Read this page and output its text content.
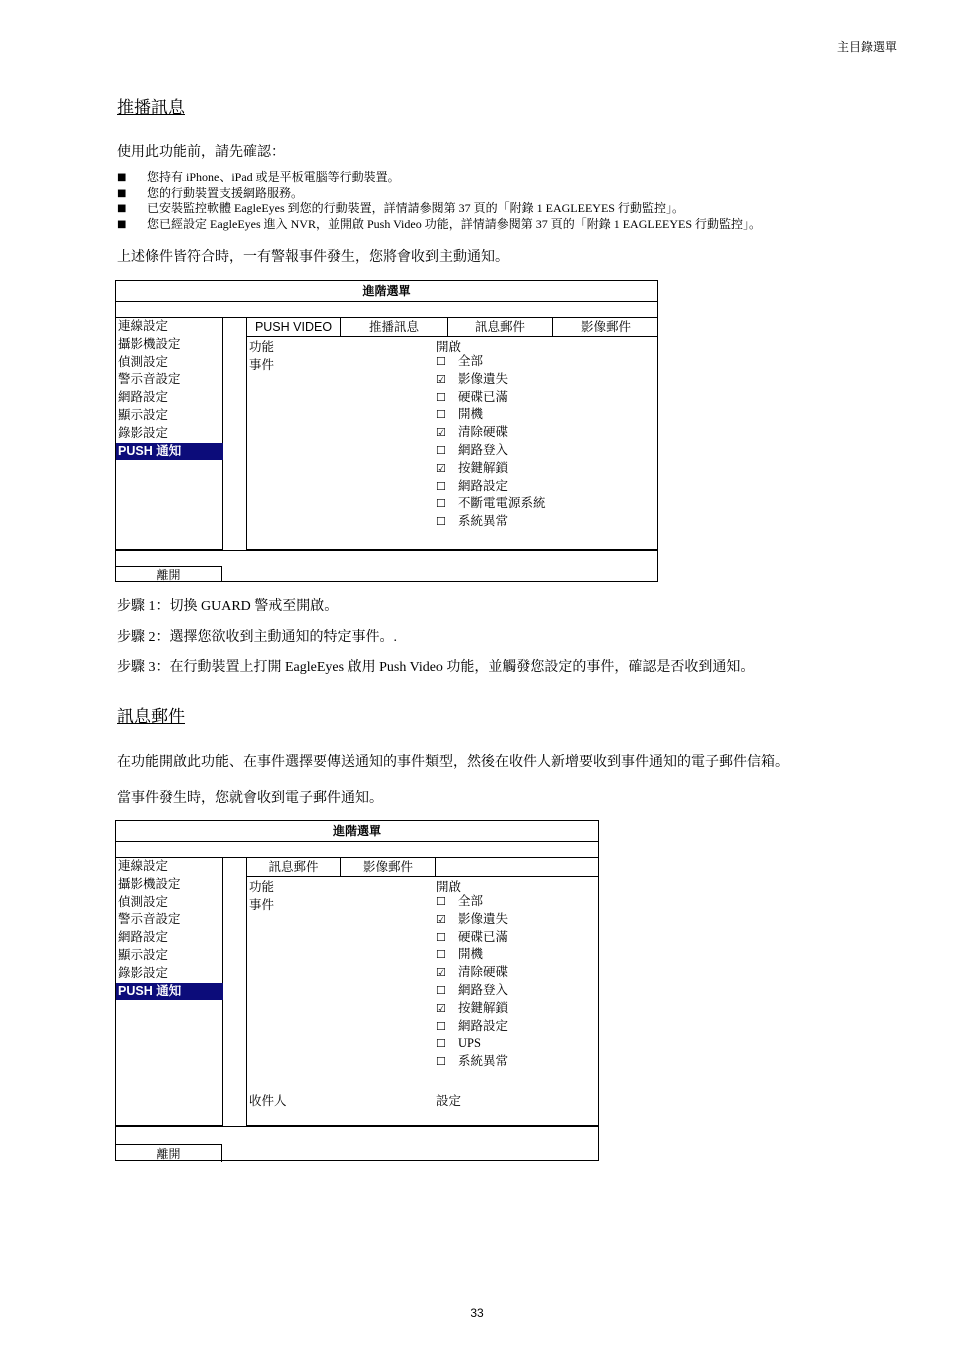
主目錄選單
推播訊息
使用此功能前，請先確認：
■ 您持有 iPhone、iPad 或是平板電腦等行動裝置。
■ 您的行動裝置支援網路服務。
■ 已安裝監控軟體 EagleEyes 到您的行動裝置，詳情請參閱第 37 頁的「附錄 1 EAGLEEYES 行動監控」。
■ 您已經設定 EagleEyes 進入 NVR，並開啟 Push Video 功能，詳情請參閱第 37 頁的「附錄 1 EAGLEEYES 行動監控」。
上述條件皆符合時，一有警報事件發生，您將會收到主動通知。
進階選單
連線設定
攝影機設定
偵測設定
警示音設定
網路設定
顯示設定
錄影設定
PUSH 通知
PUSH VIDEO	推播訊息	訊息郵件	影像郵件
功能
事件
開啟
☐ 全部
☑ 影像遺失
☐ 硬碟已滿
☐ 開機
☑ 清除硬碟
☐ 網路登入
☑ 按鍵解鎖
☐ 網路設定
☐ 不斷電電源系統
☐ 系統異常
離開
步驟 1：切換 GUARD 警戒至開啟。
步驟 2：選擇您欲收到主動通知的特定事件。.
步驟 3：在行動裝置上打開 EagleEyes 啟用 Push Video 功能，並觸發您設定的事件，確認是否收到通知。
訊息郵件
在功能開啟此功能、在事件選擇要傳送通知的事件類型，然後在收件人新增要收到事件通知的電子郵件信箱。
當事件發生時，您就會收到電子郵件通知。
進階選單
連線設定
攝影機設定
偵測設定
警示音設定
網路設定
顯示設定
錄影設定
PUSH 通知
訊息郵件	影像郵件
功能
事件
開啟
☐ 全部
☑ 影像遺失
☐ 硬碟已滿
☐ 開機
☑ 清除硬碟
☐ 網路登入
☑ 按鍵解鎖
☐ 網路設定
☐ UPS
☐ 系統異常
收件人	設定
離開
33
